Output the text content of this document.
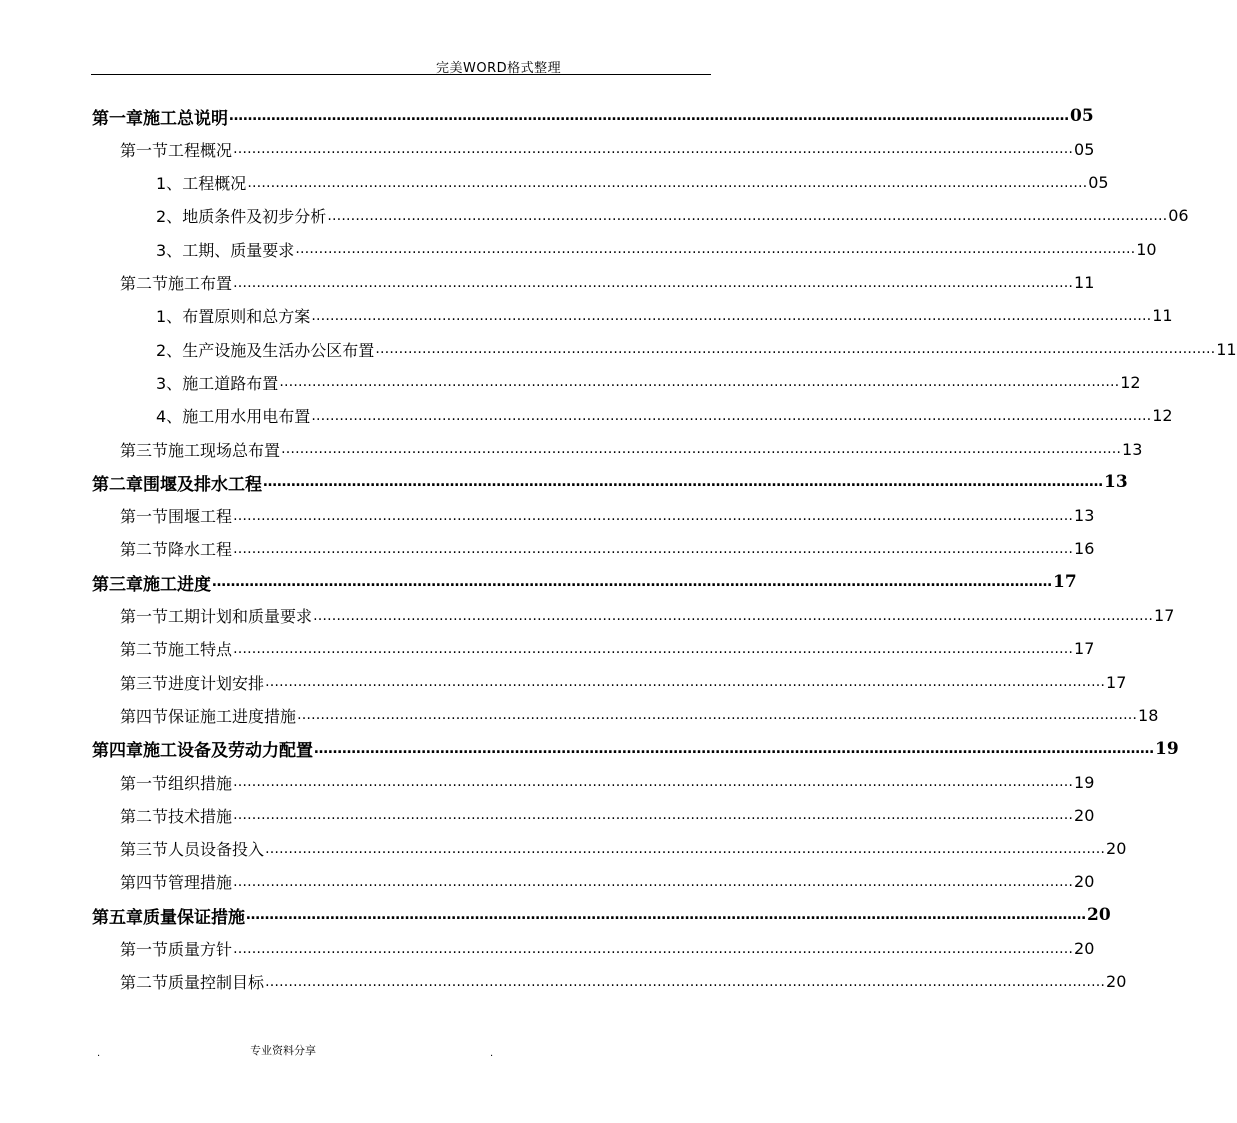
完美WORD格式整理
第一章 施工总说明 ……………………………………………………………………………………………………………………………………………………………… 05
第一节 工程概况 ……………………………………………………………………………………………………………………………………………………………… 05
1、 工程概况 ……………………………………………………………………………………………………………………………………………………………… 05
2、 地质条件及初步分析 ……………………………………………………………………………………………………………………………………………………………… 06
3、 工期、质量要求 ……………………………………………………………………………………………………………………………………………………………… 10
第二节 施工布置 ……………………………………………………………………………………………………………………………………………………………… 11
1、 布置原则和总方案 ……………………………………………………………………………………………………………………………………………………………… 11
2、 生产设施及生活办公区布置 ……………………………………………………………………………………………………………………………………………………………… 11
3、 施工道路布置 ……………………………………………………………………………………………………………………………………………………………… 12
4、 施工用水用电布置 ……………………………………………………………………………………………………………………………………………………………… 12
第三节 施工现场总布置 ……………………………………………………………………………………………………………………………………………………………… 13
第二章 围堰及排水工程 ……………………………………………………………………………………………………………………………………………………………… 13
第一节 围堰工程 ……………………………………………………………………………………………………………………………………………………………… 13
第二节 降水工程 ……………………………………………………………………………………………………………………………………………………………… 16
第三章 施工进度 ……………………………………………………………………………………………………………………………………………………………… 17
第一节 工期计划和质量要求 ……………………………………………………………………………………………………………………………………………………………… 17
第二节 施工特点 ……………………………………………………………………………………………………………………………………………………………… 17
第三节 进度计划安排 ……………………………………………………………………………………………………………………………………………………………… 17
第四节 保证施工进度措施 ……………………………………………………………………………………………………………………………………………………………… 18
第四章 施工设备及劳动力配置 ……………………………………………………………………………………………………………………………………………………………… 19
第一节 组织措施 ……………………………………………………………………………………………………………………………………………………………… 19
第二节 技术措施 ……………………………………………………………………………………………………………………………………………………………… 20
第三节 人员设备投入 ……………………………………………………………………………………………………………………………………………………………… 20
第四节 管理措施 ……………………………………………………………………………………………………………………………………………………………… 20
第五章 质量保证措施 ……………………………………………………………………………………………………………………………………………………………… 20
第一节 质量方针 ……………………………………………………………………………………………………………………………………………………………… 20
第二节 质量控制目标 ……………………………………………………………………………………………………………………………………………………………… 20
.	专业资料分享	.
